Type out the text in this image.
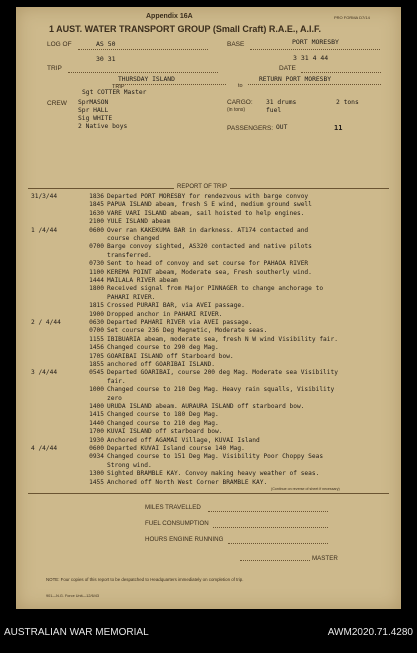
Appendix 16A	PRO FORMA D7/14
1 AUST. WATER TRANSPORT GROUP (Small Craft) R.A.E., A.I.F.
LOG OF	AS 50	BASE	PORT MORESBY
30 31	3 31 4 44
TRIP	DATE
THURSDAY ISLAND	RETURN PORT MORESBY
TRIP	to
Sgt COTTER Master
CREW SprMASON
Spr HALL
Sig WHITE
2 Native boys
CARGO:
(in tons)
31 drums fuel
2 tons
PASSENGERS: OUT	11
REPORT OF TRIP
31/3/44	1836 Departed PORT MORESBY for rendezvous with barge convoy
1845 PAPUA ISLAND abeam, fresh S E wind, medium ground swell
1630 VARE VARI ISLAND abeam, sail hoisted to help engines.
2100 YULE ISLAND abeam
1 /4/44	0600 Over ran KAKEKUMA BAR in darkness. AT174 contacted and
course changed
0700 Barge convoy sighted, AS320 contacted and native pilots
transferred.
0730 Sent to head of convoy and set course for PAHAOA RIVER
1100 KEREMA POINT abeam, Moderate sea, Fresh southerly wind.
1444 MAILALA RIVER abeam
1800 Received signal from Major PINNAGER to change anchorage to
PAHARI RIVER.
1815 Crossed PURARI BAR, via AVEI passage.
1900 Dropped anchor in PAHARI RIVER.
2 / 4/44	0630 Departed PAHARI RIVER via AVEI passage.
0700 Set course 236 Deg Magnetic, Moderate seas.
1155 IBIBUARIA abeam, moderate sea, fresh N W wind Visibility fair.
1456 Changed course to 290 deg Mag.
1705 GOARIBAI ISLAND off Starboard bow.
1855 anchored off GOARIBAI ISLAND.
3 /4/44	0545 Departed GOARIBAI, course 200 deg Mag. Moderate sea Visibility
fair.
1000 Changed course to 210 Deg Mag. Heavy rain squalls, Visibility
zero
1400 URUDA ISLAND abeam. AURAURA ISLAND off starboard bow.
1415 Changed course to 180 Deg Mag.
1440 Changed course to 210 deg Mag.
1700 KUVAI ISLAND off starboard bow.
1930 Anchored off AGAMAI Village, KUVAI Island
4 /4/44	0600 Departed KUVAI Island course 140 Mag.
0934 Changed course to 151 Deg Mag. Visibility Poor Choppy Seas
Strong wind.
1300 Sighted BRAMBLE KAY. Convoy making heavy weather of seas.
1455 Anchored off North West Corner BRAMBLE KAY.
(Continue on reverse of sheet if necessary)
MILES TRAVELLED
FUEL CONSUMPTION
HOURS ENGINE RUNNING
MASTER
NOTE: Four copies of this report to be despatched to Headquarters immediately on completion of trip.
901—N.G. Force Unit—12/6/43
AUSTRALIAN WAR MEMORIAL	AWM2020.71.4280
